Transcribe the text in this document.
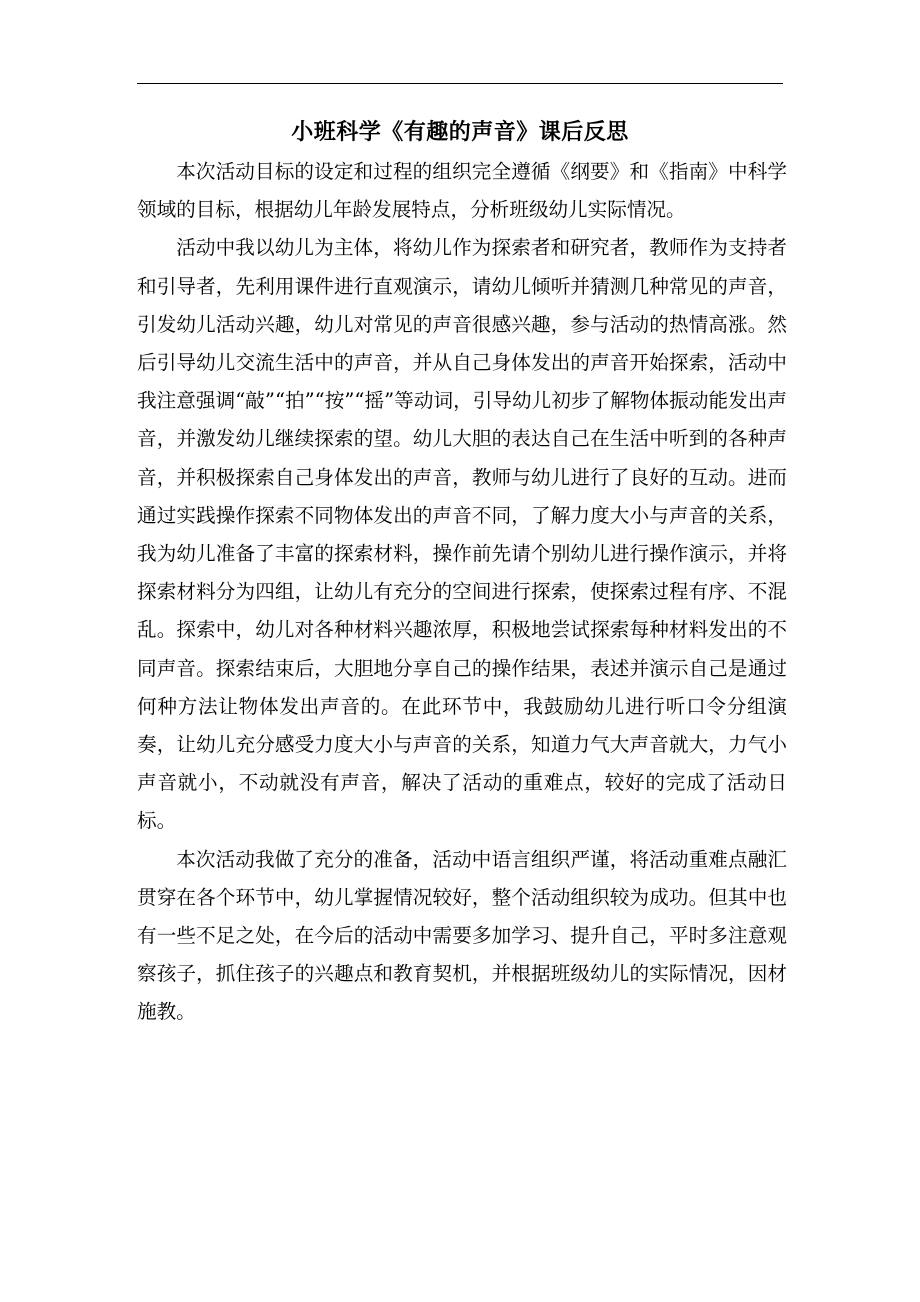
小班科学《有趣的声音》课后反思

本次活动目标的设定和过程的组织完全遵循《纲要》和《指南》中科学领域的目标，根据幼儿年龄发展特点，分析班级幼儿实际情况。

活动中我以幼儿为主体，将幼儿作为探索者和研究者，教师作为支持者和引导者，先利用课件进行直观演示，请幼儿倾听并猜测几种常见的声音，引发幼儿活动兴趣，幼儿对常见的声音很感兴趣，参与活动的热情高涨。然后引导幼儿交流生活中的声音，并从自己身体发出的声音开始探索，活动中我注意强调“敲”“拍”“按”“摇”等动词，引导幼儿初步了解物体振动能发出声音，并激发幼儿继续探索的望。幼儿大胆的表达自己在生活中听到的各种声音，并积极探索自己身体发出的声音，教师与幼儿进行了良好的互动。进而通过实践操作探索不同物体发出的声音不同，了解力度大小与声音的关系，我为幼儿准备了丰富的探索材料，操作前先请个别幼儿进行操作演示，并将探索材料分为四组，让幼儿有充分的空间进行探索，使探索过程有序、不混乱。探索中，幼儿对各种材料兴趣浓厚，积极地尝试探索每种材料发出的不同声音。探索结束后，大胆地分享自己的操作结果，表述并演示自己是通过何种方法让物体发出声音的。在此环节中，我鼓励幼儿进行听口令分组演奏，让幼儿充分感受力度大小与声音的关系，知道力气大声音就大，力气小声音就小，不动就没有声音，解决了活动的重难点，较好的完成了活动日标。

本次活动我做了充分的准备，活动中语言组织严谨，将活动重难点融汇贯穿在各个环节中，幼儿掌握情况较好，整个活动组织较为成功。但其中也有一些不足之处，在今后的活动中需要多加学习、提升自己，平时多注意观察孩子，抓住孩子的兴趣点和教育契机，并根据班级幼儿的实际情况，因材施教。
